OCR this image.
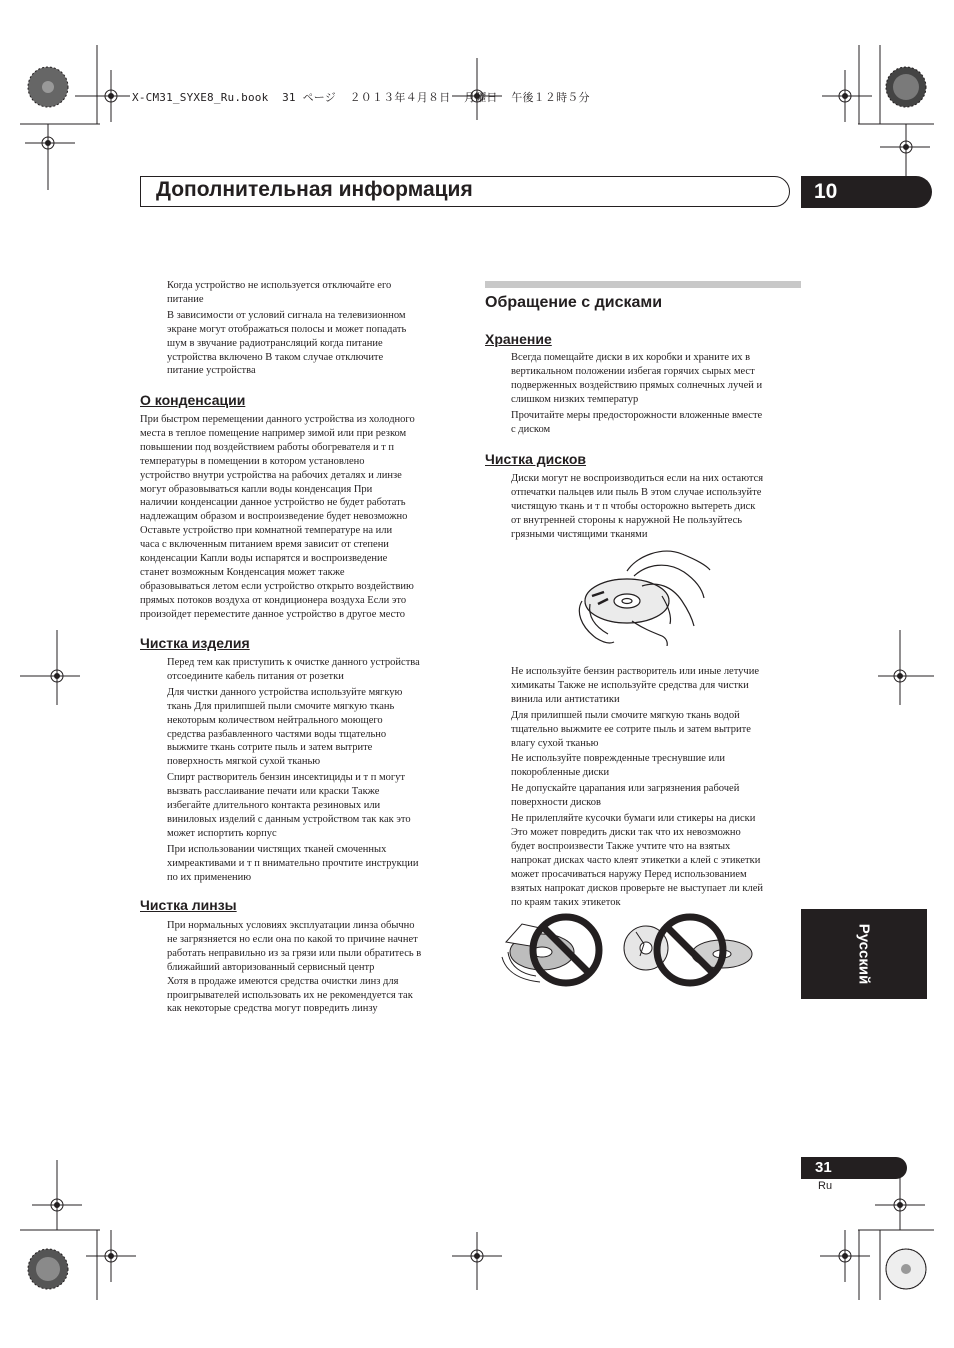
X-CM31_SYXE8_Ru.book  31 ページ  ２０１３年４月８日  月曜日  午後１２時５分
Дополнительная информация	10
Когда устройство не используется отключайте его
питание
В зависимости от условий сигнала на телевизионном
экране могут отображаться полосы и может попадать
шум в звучание радиотрансляций когда питание
устройства включено В таком случае отключите
питание устройства
О конденсации
При быстром перемещении данного устройства из холодного
места в теплое помещение например зимой или при резком
повышении под воздействием работы обогревателя и т п
температуры в помещении в котором установлено
устройство внутри устройства на рабочих деталях и линзе
могут образовываться капли воды конденсация При
наличии конденсации данное устройство не будет работать
надлежащим образом и воспроизведение будет невозможно
Оставьте устройство при комнатной температуре на или
часа с включенным питанием время зависит от степени
конденсации Капли воды испарятся и воспроизведение
станет возможным Конденсация может также
образовываться летом если устройство открыто воздействию
прямых потоков воздуха от кондиционера воздуха Если это
произойдет переместите данное устройство в другое место
Чистка изделия
Перед тем как приступить к очистке данного устройства
отсоедините кабель питания от розетки
Для чистки данного устройства используйте мягкую
ткань Для прилипшей пыли смочите мягкую ткань
некоторым количеством нейтрального моющего
средства разбавленного частями воды тщательно
выжмите ткань сотрите пыль и затем вытрите
поверхность мягкой сухой тканью
Спирт растворитель бензин инсектициды и т п могут
вызвать расслаивание печати или краски Также
избегайте длительного контакта резиновых или
виниловых изделий с данным устройством так как это
может испортить корпус
При использовании чистящих тканей смоченных
химреактивами и т п внимательно прочтите инструкции
по их применению
Чистка линзы
При нормальных условиях эксплуатации линза обычно
не загрязняется но если она по какой то причине начнет
работать неправильно из за грязи или пыли обратитесь в
ближайший авторизованный сервисный центр
Хотя в продаже имеются средства очистки линз для
проигрывателей использовать их не рекомендуется так
как некоторые средства могут повредить линзу
Обращение с дисками
Хранение
Всегда помещайте диски в их коробки и храните их в
вертикальном положении избегая горячих сырых мест
подверженных воздействию прямых солнечных лучей и
слишком низких температур
Прочитайте меры предосторожности вложенные вместе
с диском
Чистка дисков
Диски могут не воспроизводиться если на них остаются
отпечатки пальцев или пыль В этом случае используйте
чистящую ткань и т п чтобы осторожно вытереть диск
от внутренней стороны к наружной Не пользуйтесь
грязными чистящими тканями
Не используйте бензин растворитель или иные летучие
химикаты Также не используйте средства для чистки
винила или антистатики
Для прилипшей пыли смочите мягкую ткань водой
тщательно выжмите ее сотрите пыль и затем вытрите
влагу сухой тканью
Не используйте поврежденные треснувшие или
покоробленные диски
Не допускайте царапания или загрязнения рабочей
поверхности дисков
Не прилепляйте кусочки бумаги или стикеры на диски
Это может повредить диски так что их невозможно
будет воспроизвести Также учтите что на взятых
напрокат дисках часто клеят этикетки а клей с этикетки
может просачиваться наружу Перед использованием
взятых напрокат дисков проверьте не выступает ли клей
по краям таких этикеток
Русский
31
Ru
